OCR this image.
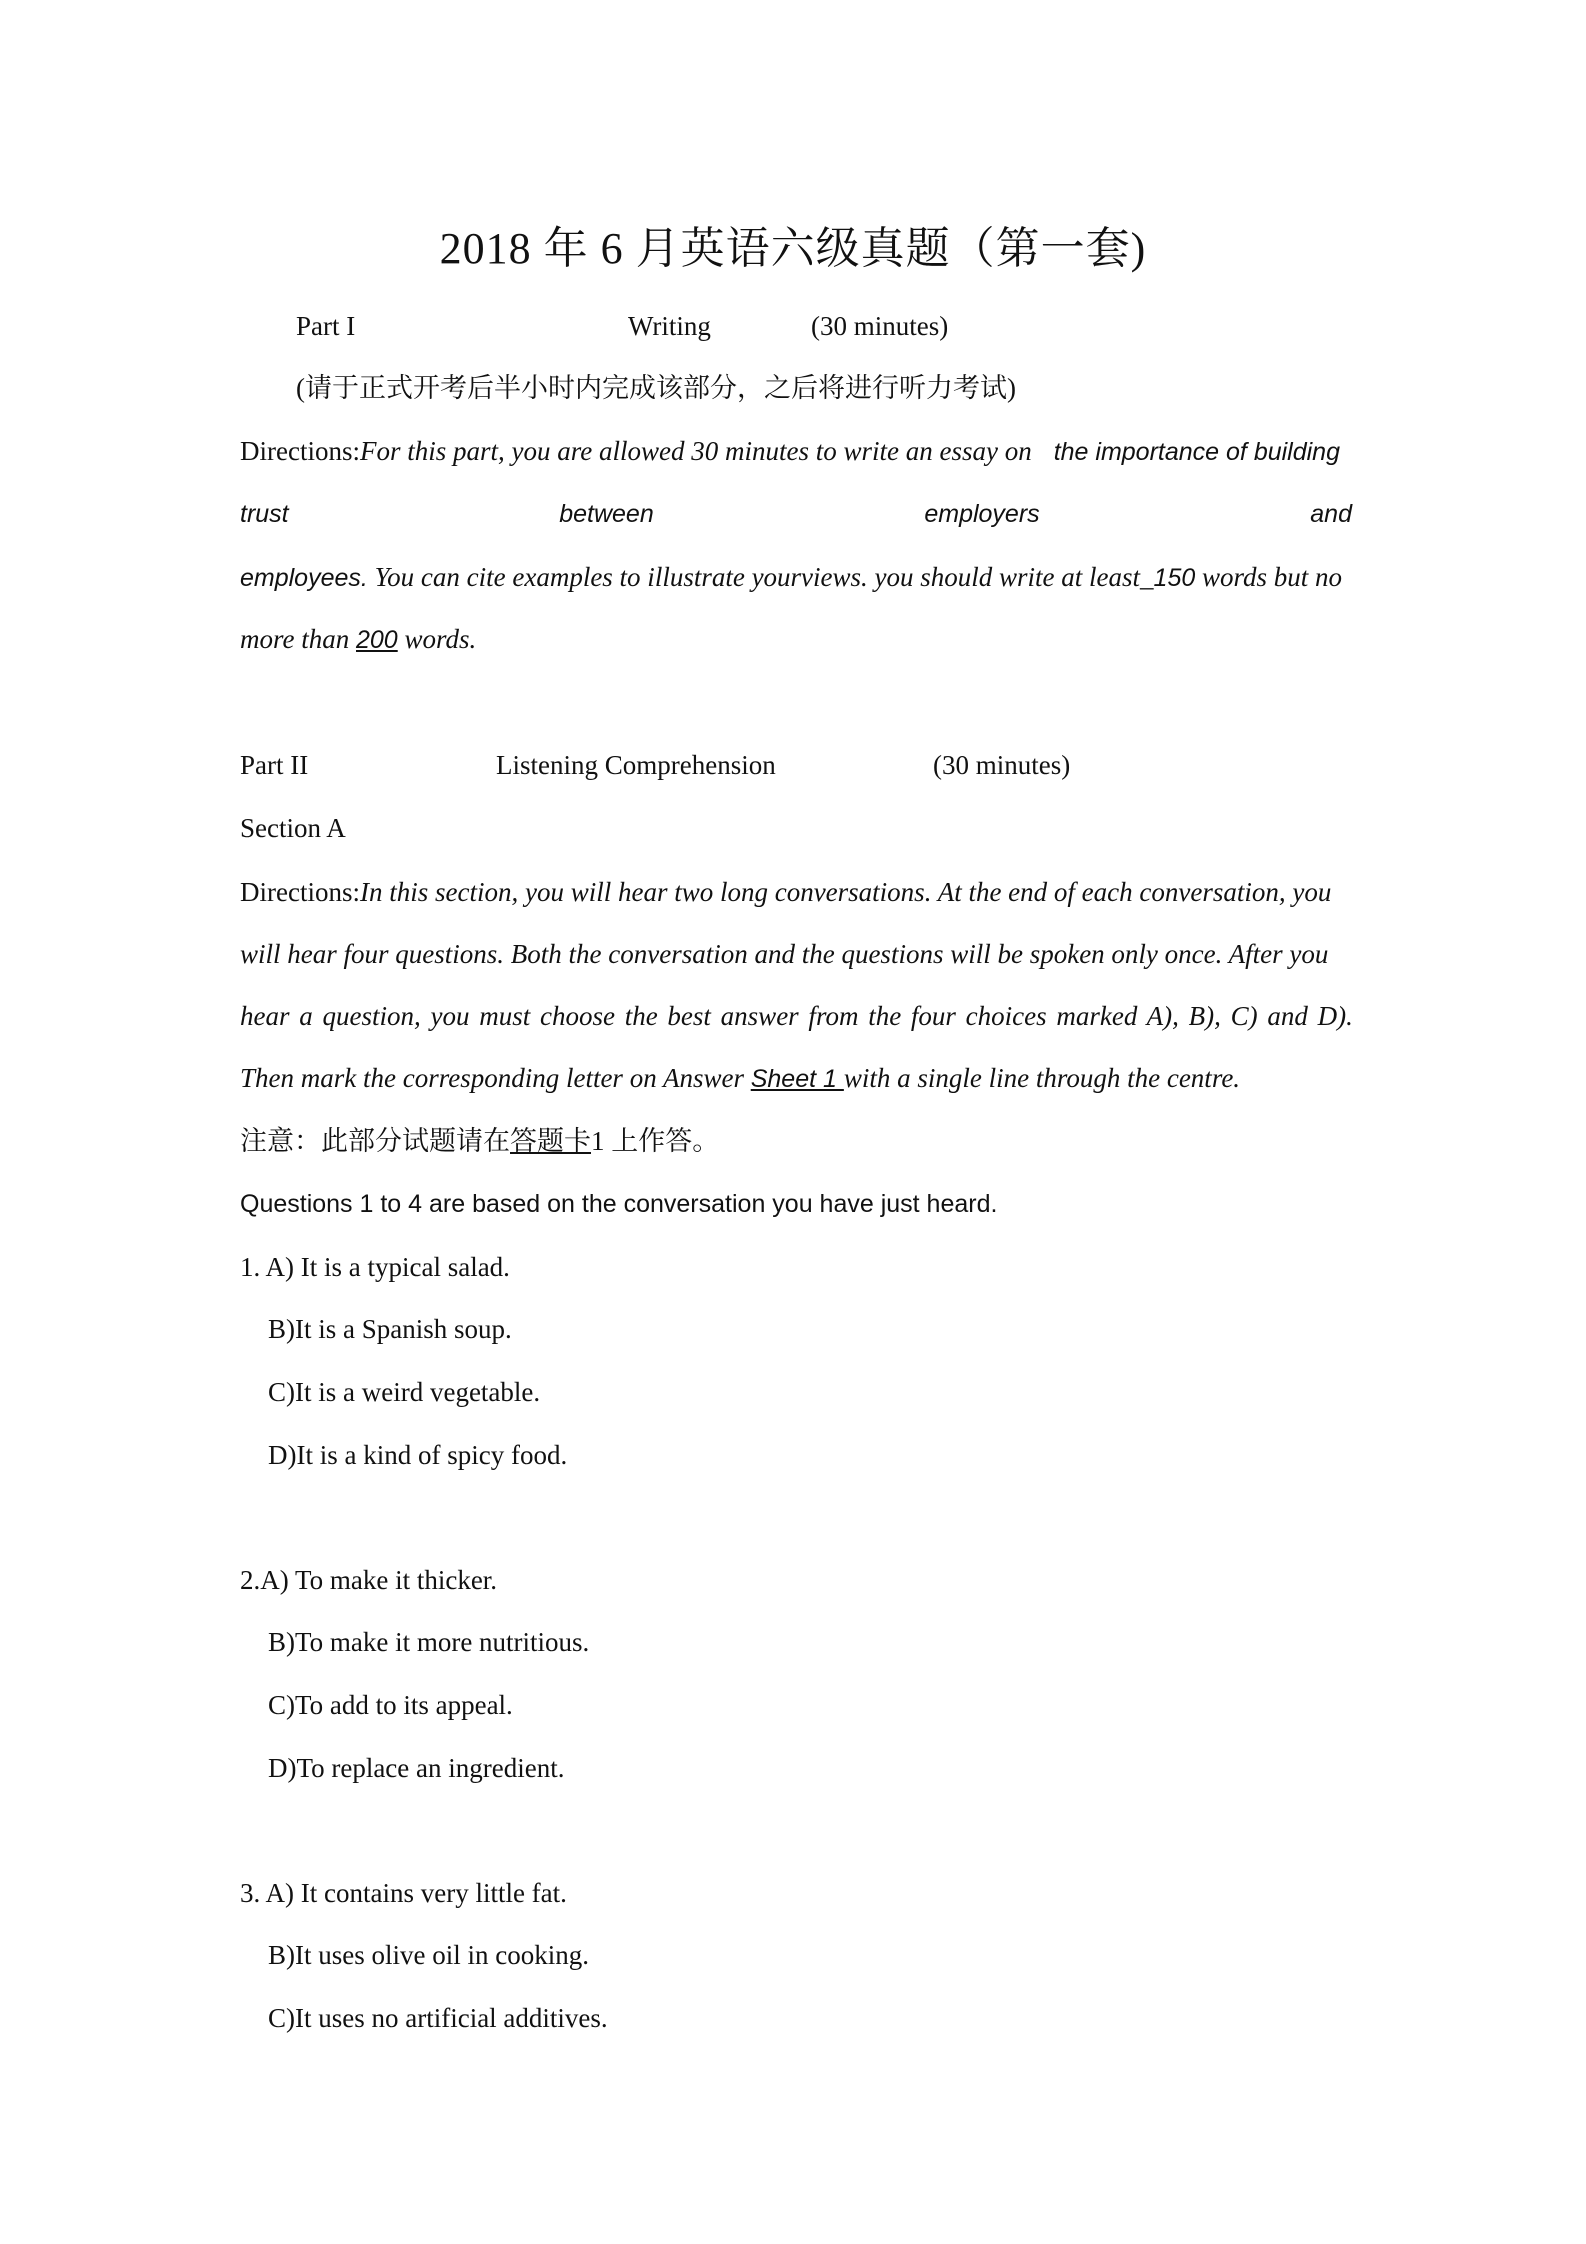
2018 年 6 月英语六级真题（第一套)
Part I	Writing	(30 minutes)
(请于正式开考后半小时内完成该部分，之后将进行听力考试)
Directions:For this part, you are allowed 30 minutes to write an essay on the importance of building
trust	between	employers	and
employees. You can cite examples to illustrate yourviews. you should write at least_150 words but no
more than 200 words.
Part II	Listening Comprehension	(30 minutes)
Section A
Directions:In this section, you will hear two long conversations. At the end of each conversation, you
will hear four questions. Both the conversation and the questions will be spoken only once. After you
hear a question, you must choose the best answer from the four choices marked A), B), C) and D).
Then mark the corresponding letter on Answer Sheet 1 with a single line through the centre.
注意：此部分试题请在答题卡1 上作答。
Questions 1 to 4 are based on the conversation you have just heard.
1. A) It is a typical salad.
B)It is a Spanish soup.
C)It is a weird vegetable.
D)It is a kind of spicy food.
2.A) To make it thicker.
B)To make it more nutritious.
C)To add to its appeal.
D)To replace an ingredient.
3. A) It contains very little fat.
B)It uses olive oil in cooking.
C)It uses no artificial additives.
